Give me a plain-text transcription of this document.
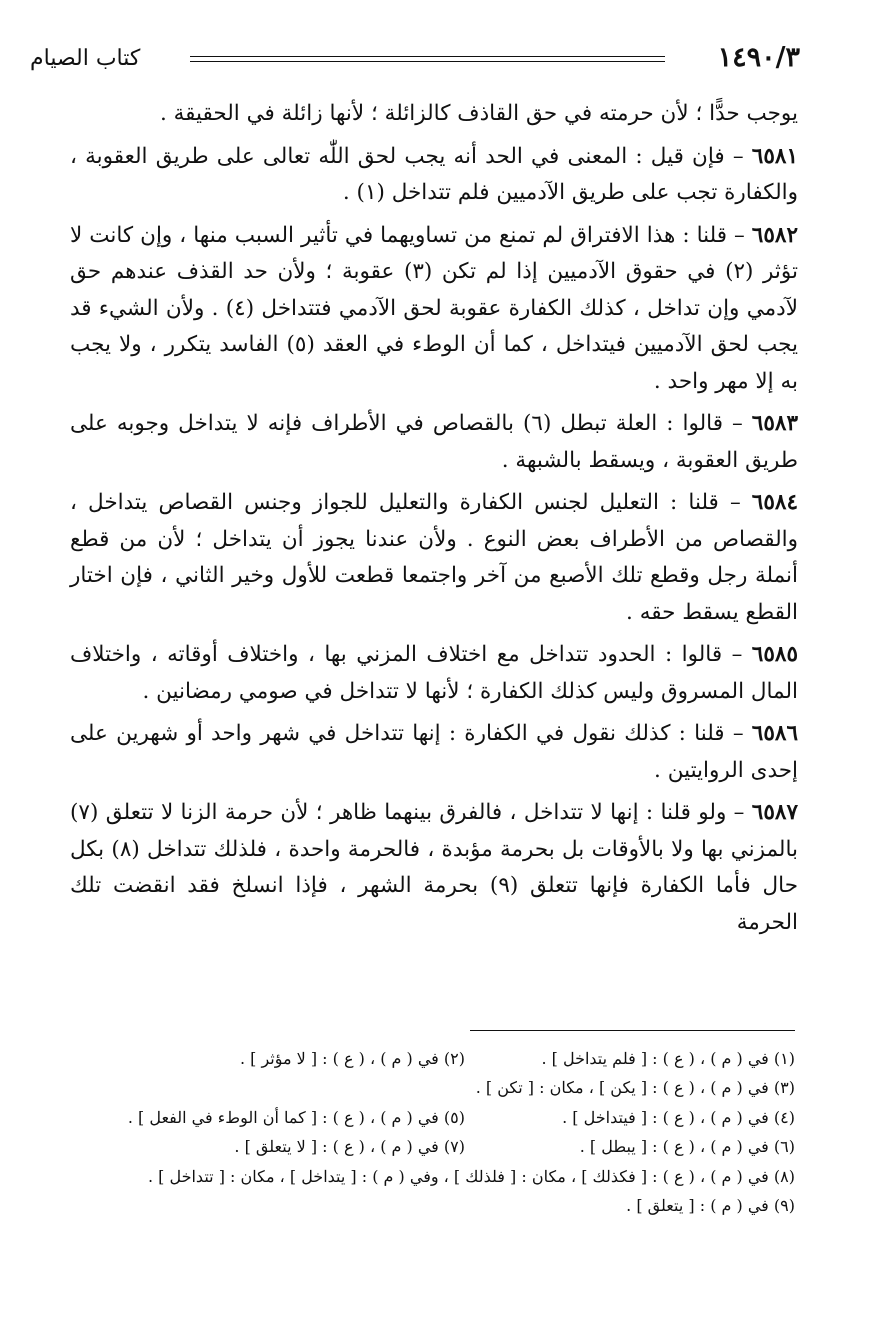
١٤٩٠/٣
كتاب الصيام

يوجب حدًّا ؛ لأن حرمته في حق القاذف كالزائلة ؛ لأنها زائلة في الحقيقة .

٦٥٨١ – فإن قيل : المعنى في الحد أنه يجب لحق اللّٰه تعالى على طريق العقوبة ، والكفارة تجب على طريق الآدميين فلم تتداخل (١) .

٦٥٨٢ – قلنا : هذا الافتراق لم تمنع من تساويهما في تأثير السبب منها ، وإن كانت لا تؤثر (٢) في حقوق الآدميين إذا لم تكن (٣) عقوبة ؛ ولأن حد القذف عندهم حق لآدمي وإن تداخل ، كذلك الكفارة عقوبة لحق الآدمي فتتداخل (٤) . ولأن الشيء قد يجب لحق الآدميين فيتداخل ، كما أن الوطء في العقد (٥) الفاسد يتكرر ، ولا يجب به إلا مهر واحد .

٦٥٨٣ – قالوا : العلة تبطل (٦) بالقصاص في الأطراف فإنه لا يتداخل وجوبه على طريق العقوبة ، ويسقط بالشبهة .

٦٥٨٤ – قلنا : التعليل لجنس الكفارة والتعليل للجواز وجنس القصاص يتداخل ، والقصاص من الأطراف بعض النوع . ولأن عندنا يجوز أن يتداخل ؛ لأن من قطع أنملة رجل وقطع تلك الأصبع من آخر واجتمعا قطعت للأول وخير الثاني ، فإن اختار القطع يسقط حقه .

٦٥٨٥ – قالوا : الحدود تتداخل مع اختلاف المزني بها ، واختلاف أوقاته ، واختلاف المال المسروق وليس كذلك الكفارة ؛ لأنها لا تتداخل في صومي رمضانين .

٦٥٨٦ – قلنا : كذلك نقول في الكفارة : إنها تتداخل في شهر واحد أو شهرين على إحدى الروايتين .

٦٥٨٧ – ولو قلنا : إنها لا تتداخل ، فالفرق بينهما ظاهر ؛ لأن حرمة الزنا لا تتعلق (٧) بالمزني بها ولا بالأوقات بل بحرمة مؤبدة ، فالحرمة واحدة ، فلذلك تتداخل (٨) بكل حال فأما الكفارة فإنها تتعلق (٩) بحرمة الشهر ، فإذا انسلخ فقد انقضت تلك الحرمة

(١) في ( م ) ، ( ع ) : [ فلم يتداخل ] .
(٢) في ( م ) ، ( ع ) : [ لا مؤثر ] .
(٣) في ( م ) ، ( ع ) : [ يكن ] ، مكان : [ تكن ] .
(٤) في ( م ) ، ( ع ) : [ فيتداخل ] .
(٥) في ( م ) ، ( ع ) : [ كما أن الوطء في الفعل ] .
(٦) في ( م ) ، ( ع ) : [ يبطل ] .
(٧) في ( م ) ، ( ع ) : [ لا يتعلق ] .
(٨) في ( م ) ، ( ع ) : [ فكذلك ] ، مكان : [ فلذلك ] ، وفي ( م ) : [ يتداخل ] ، مكان : [ تتداخل ] .
(٩) في ( م ) : [ يتعلق ] .
